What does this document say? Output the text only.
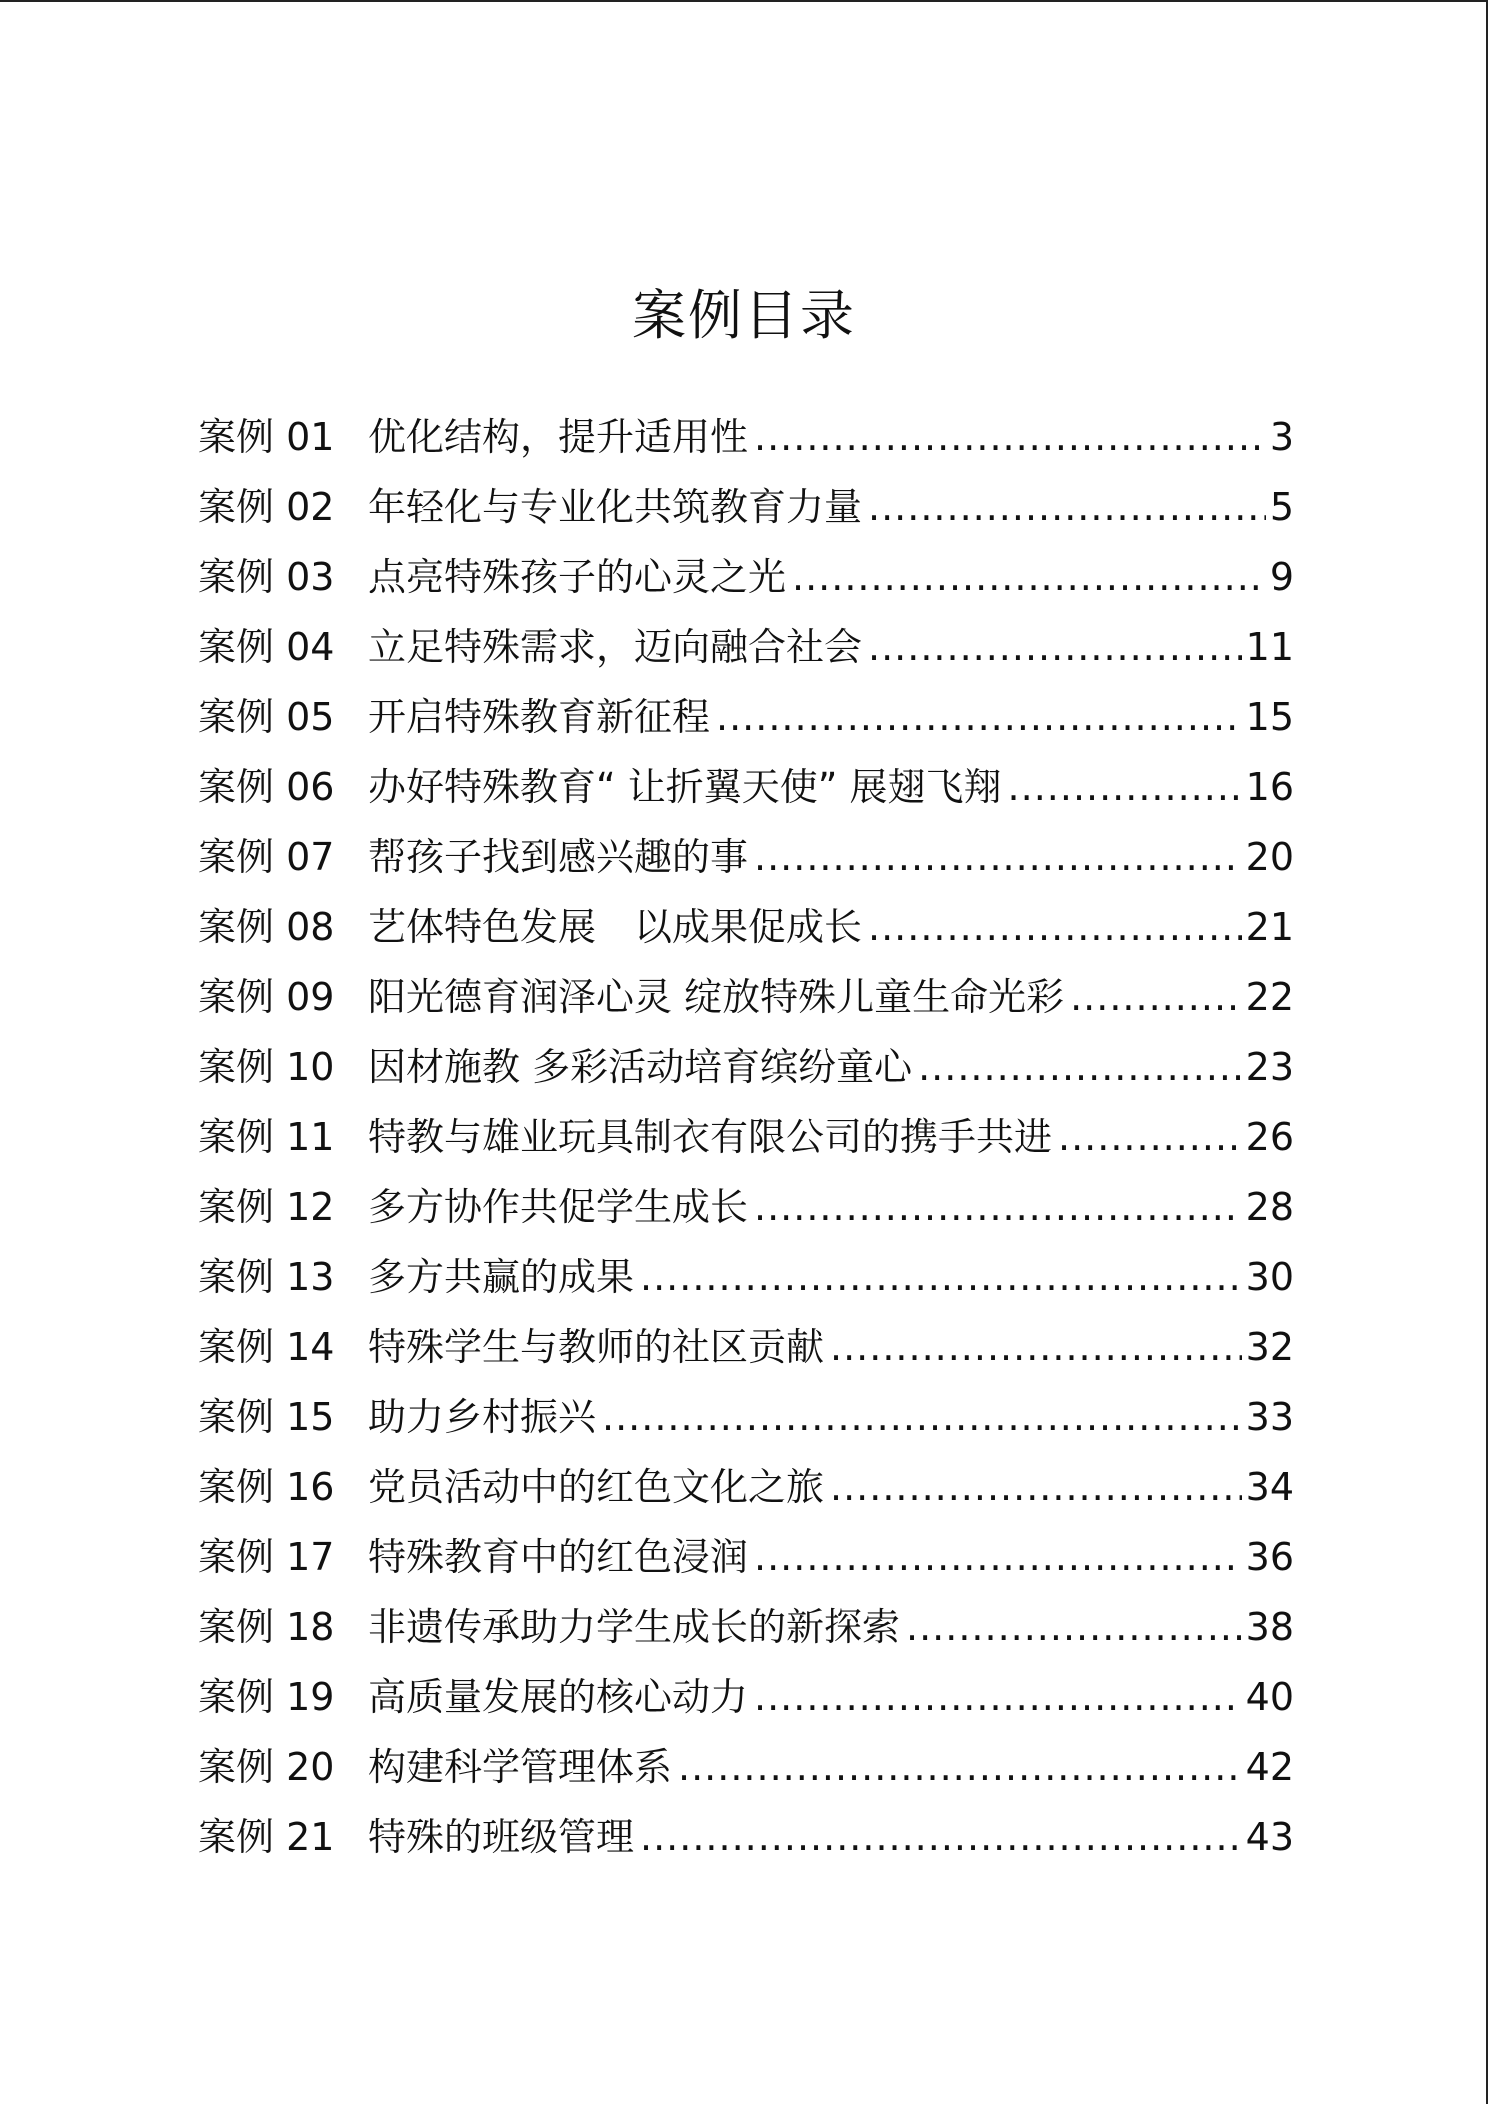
案例目录
案例 01 优化结构，提升适用性 .....	3
案例 02 年轻化与专业化共筑教育力量 .....	5
案例 03 点亮特殊孩子的心灵之光 .....	9
案例 04 立足特殊需求，迈向融合社会 .....	11
案例 05 开启特殊教育新征程 .....	15
案例 06 办好特殊教育“ 让折翼天使” 展翅飞翔 .....	16
案例 07 帮孩子找到感兴趣的事 .....	20
案例 08 艺体特色发展　以成果促成长 .....	21
案例 09 阳光德育润泽心灵 绽放特殊儿童生命光彩 .....	22
案例 10 因材施教 多彩活动培育缤纷童心 .....	23
案例 11 特教与雄业玩具制衣有限公司的携手共进 .....	26
案例 12 多方协作共促学生成长 .....	28
案例 13 多方共赢的成果 .....	30
案例 14 特殊学生与教师的社区贡献 .....	32
案例 15 助力乡村振兴 .....	33
案例 16 党员活动中的红色文化之旅 .....	34
案例 17 特殊教育中的红色浸润 .....	36
案例 18 非遗传承助力学生成长的新探索 .....	38
案例 19 高质量发展的核心动力 .....	40
案例 20 构建科学管理体系 .....	42
案例 21 特殊的班级管理 .....	43
